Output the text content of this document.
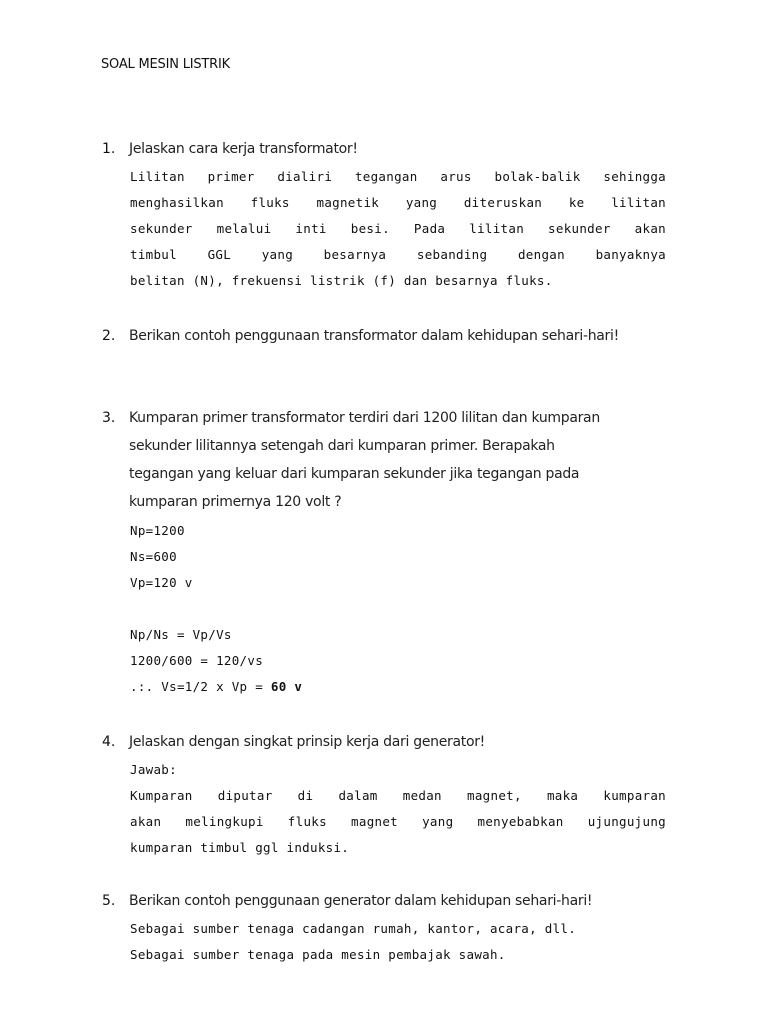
SOAL MESIN LISTRIK
1. Jelaskan cara kerja transformator!
Lilitan primer dialiri tegangan arus bolak-balik sehingga
menghasilkan fluks magnetik yang diteruskan ke lilitan
sekunder melalui inti besi. Pada lilitan sekunder akan
timbul GGL yang besarnya sebanding dengan banyaknya
belitan (N), frekuensi listrik (f) dan besarnya fluks.
2. Berikan contoh penggunaan transformator dalam kehidupan sehari-hari!
3. Kumparan primer transformator terdiri dari 1200 lilitan dan kumparan
sekunder lilitannya setengah dari kumparan primer. Berapakah
tegangan yang keluar dari kumparan sekunder jika tegangan pada
kumparan primernya 120 volt ?
Np=1200
Ns=600
Vp=120 v
Np/Ns = Vp/Vs
1200/600 = 120/vs
.:. Vs=1/2 x Vp = 60 v
4. Jelaskan dengan singkat prinsip kerja dari generator!
Jawab:
Kumparan diputar di dalam medan magnet, maka kumparan
akan melingkupi fluks magnet yang menyebabkan ujungujung
kumparan timbul ggl induksi.
5. Berikan contoh penggunaan generator dalam kehidupan sehari-hari!
Sebagai sumber tenaga cadangan rumah, kantor, acara, dll.
Sebagai sumber tenaga pada mesin pembajak sawah.
